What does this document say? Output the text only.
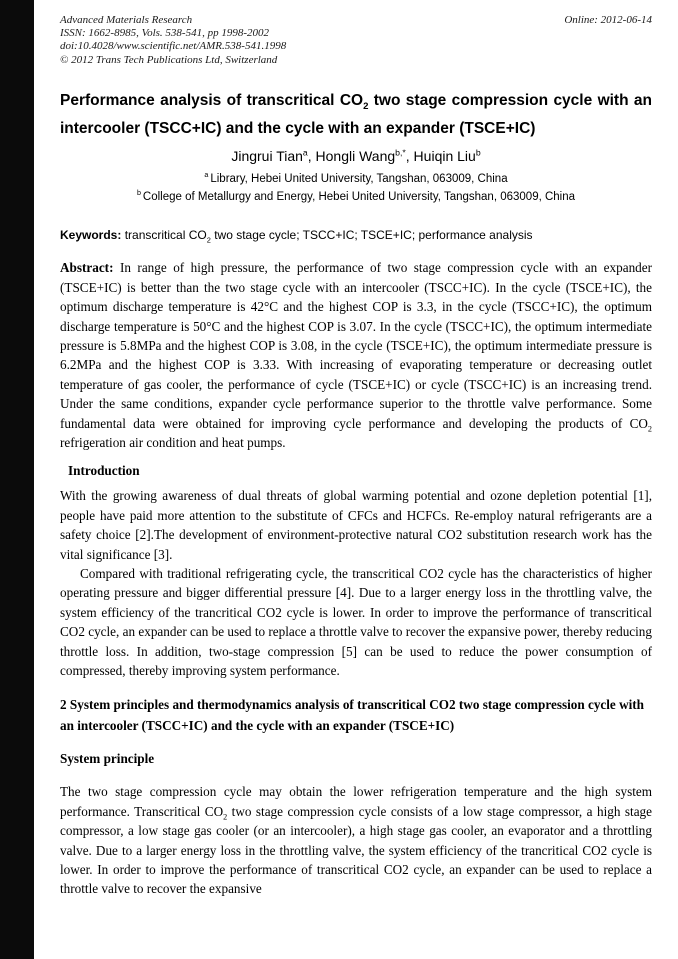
Advanced Materials Research
ISSN: 1662-8985, Vols. 538-541, pp 1998-2002
doi:10.4028/www.scientific.net/AMR.538-541.1998
© 2012 Trans Tech Publications Ltd, Switzerland
Online: 2012-06-14
Performance analysis of transcritical $CO_2$ two stage compression cycle with an intercooler (TSCC+IC) and the cycle with an expander (TSCE+IC)
Jingrui Tian$^a$, Hongli Wang$^{b,*}$, Huiqin Liu$^b$
$^a$ Library, Hebei United University, Tangshan, 063009, China
$^b$ College of Metallurgy and Energy, Hebei United University, Tangshan, 063009, China

Keywords: transcritical $CO_2$ two stage cycle; TSCC+IC; TSCE+IC; performance analysis

Abstract: In range of high pressure, the performance of two stage compression cycle with an expander (TSCE+IC) is better than the two stage cycle with an intercooler (TSCC+IC). In the cycle (TSCE+IC), the optimum discharge temperature is 42°C and the highest COP is 3.3, in the cycle (TSCC+IC), the optimum discharge temperature is 50°C and the highest COP is 3.07. In the cycle (TSCC+IC), the optimum intermediate pressure is 5.8MPa and the highest COP is 3.08, in the cycle (TSCE+IC), the optimum intermediate pressure is 6.2MPa and the highest COP is 3.33. With increasing of evaporating temperature or decreasing outlet temperature of gas cooler, the performance of cycle (TSCE+IC) or cycle (TSCC+IC) is an increasing trend. Under the same conditions, expander cycle performance superior to the throttle valve performance. Some fundamental data were obtained for improving cycle performance and developing the products of $CO_2$ refrigeration air condition and heat pumps.

Introduction

With the growing awareness of dual threats of global warming potential and ozone depletion potential [1], people have paid more attention to the substitute of CFCs and HCFCs. Re-employ natural refrigerants are a safety choice [2].The development of environment-protective natural CO2 substitution research work has the vital significance [3].

Compared with traditional refrigerating cycle, the transcritical CO2 cycle has the characteristics of higher operating pressure and bigger differential pressure [4]. Due to a larger energy loss in the throttling valve, the system efficiency of the trancritical CO2 cycle is lower. In order to improve the performance of transcritical CO2 cycle, an expander can be used to replace a throttle valve to recover the expansive power, thereby reducing throttle loss. In addition, two-stage compression [5] can be used to reduce the power consumption of compressed, thereby improving system performance.

2 System principles and thermodynamics analysis of transcritical CO2 two stage compression cycle with an intercooler (TSCC+IC) and the cycle with an expander (TSCE+IC)
System principle

The two stage compression cycle may obtain the lower refrigeration temperature and the high system performance. Transcritical $CO_2$ two stage compression cycle consists of a low stage compressor, a high stage compressor, a low stage gas cooler (or an intercooler), a high stage gas cooler, an evaporator and a throttling valve. Due to a larger energy loss in the throttling valve, the system efficiency of the trancritical CO2 cycle is lower. In order to improve the performance of transcritical CO2 cycle, an expander can be used to replace a throttle valve to recover the expansive
